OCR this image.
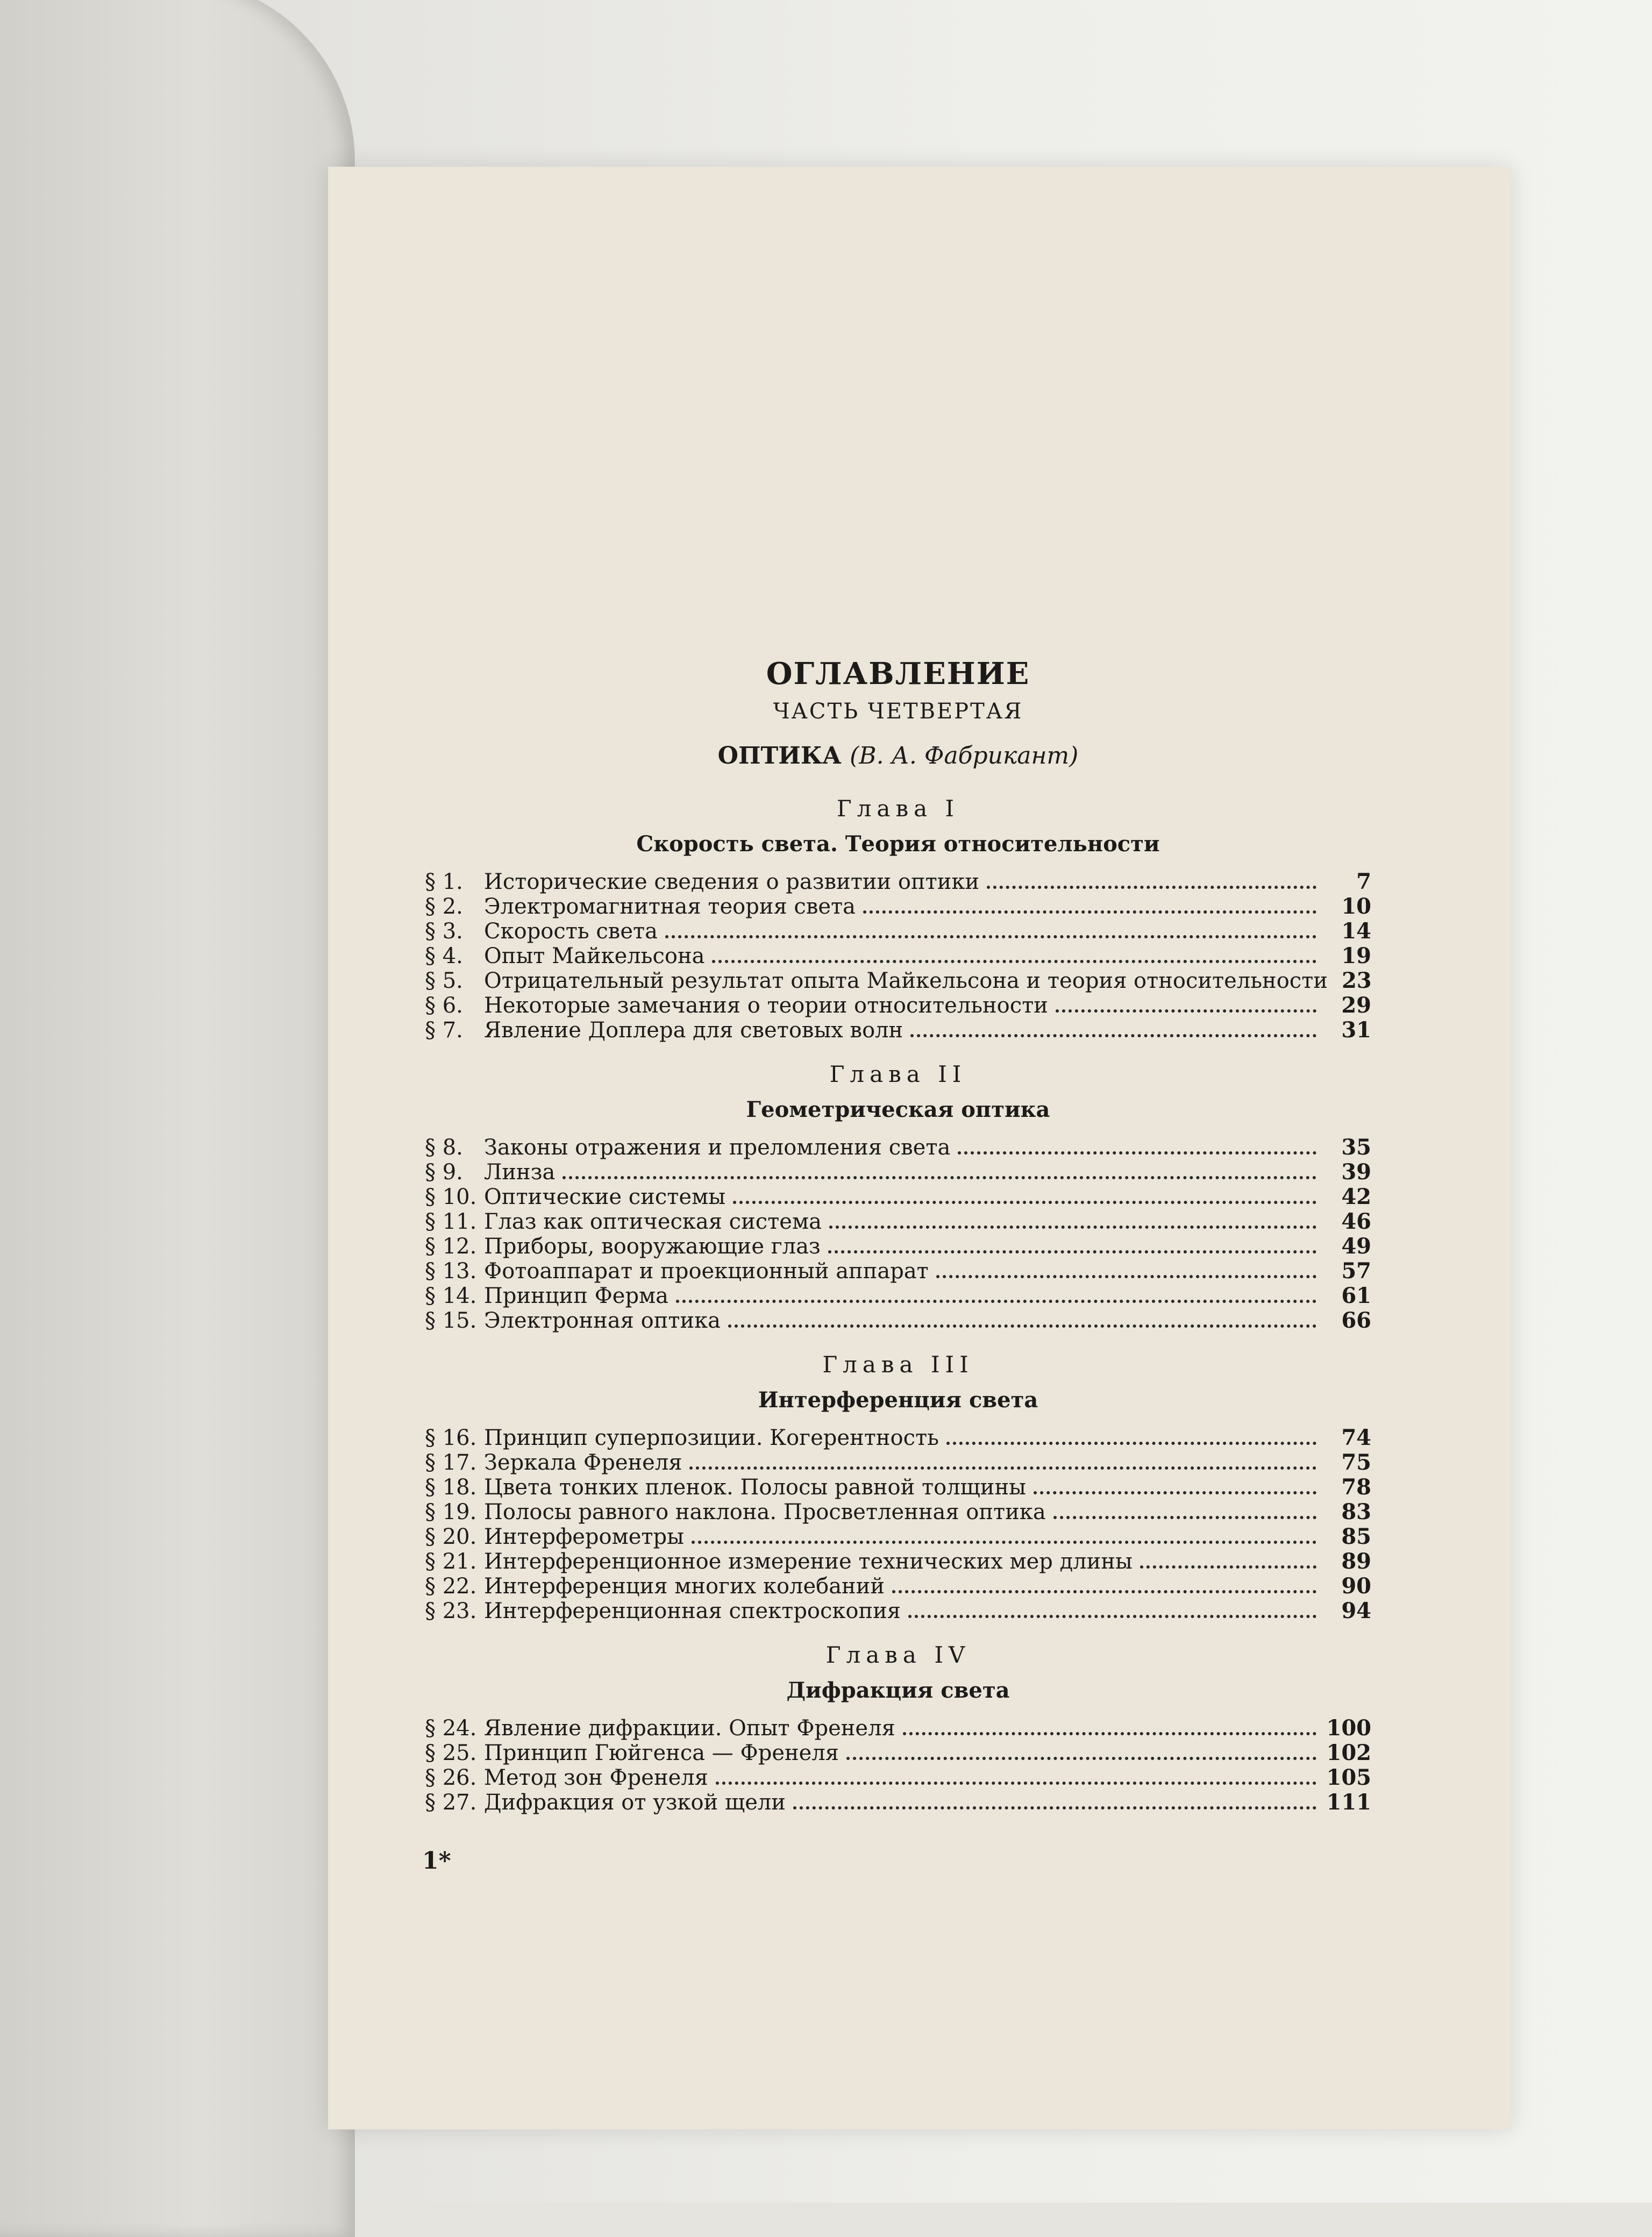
ОГЛАВЛЕНИЕ
ЧАСТЬ ЧЕТВЕРТАЯ
ОПТИКА (В. А. Фабрикант)
Глава I
Скорость света. Теория относительности
§ 1. Исторические сведения о развитии оптики	7
§ 2. Электромагнитная теория света	10
§ 3. Скорость света	14
§ 4. Опыт Майкельсона	19
§ 5. Отрицательный результат опыта Майкельсона и теория относительности 23
§ 6. Некоторые замечания о теории относительности	29
§ 7. Явление Доплера для световых волн	31
Глава II
Геометрическая оптика
§ 8. Законы отражения и преломления света	35
§ 9. Линза	39
§ 10. Оптические системы	42
§ 11. Глаз как оптическая система	46
§ 12. Приборы, вооружающие глаз	49
§ 13. Фотоаппарат и проекционный аппарат	57
§ 14. Принцип Ферма	61
§ 15. Электронная оптика	66
Глава III
Интерференция света
§ 16. Принцип суперпозиции. Когерентность	74
§ 17. Зеркала Френеля	75
§ 18. Цвета тонких пленок. Полосы равной толщины	78
§ 19. Полосы равного наклона. Просветленная оптика	83
§ 20. Интерферометры	85
§ 21. Интерференционное измерение технических мер длины	89
§ 22. Интерференция многих колебаний	90
§ 23. Интерференционная спектроскопия	94
Глава IV
Дифракция света
§ 24. Явление дифракции. Опыт Френеля	100
§ 25. Принцип Гюйгенса — Френеля	102
§ 26. Метод зон Френеля	105
§ 27. Дифракция от узкой щели	111
1*
